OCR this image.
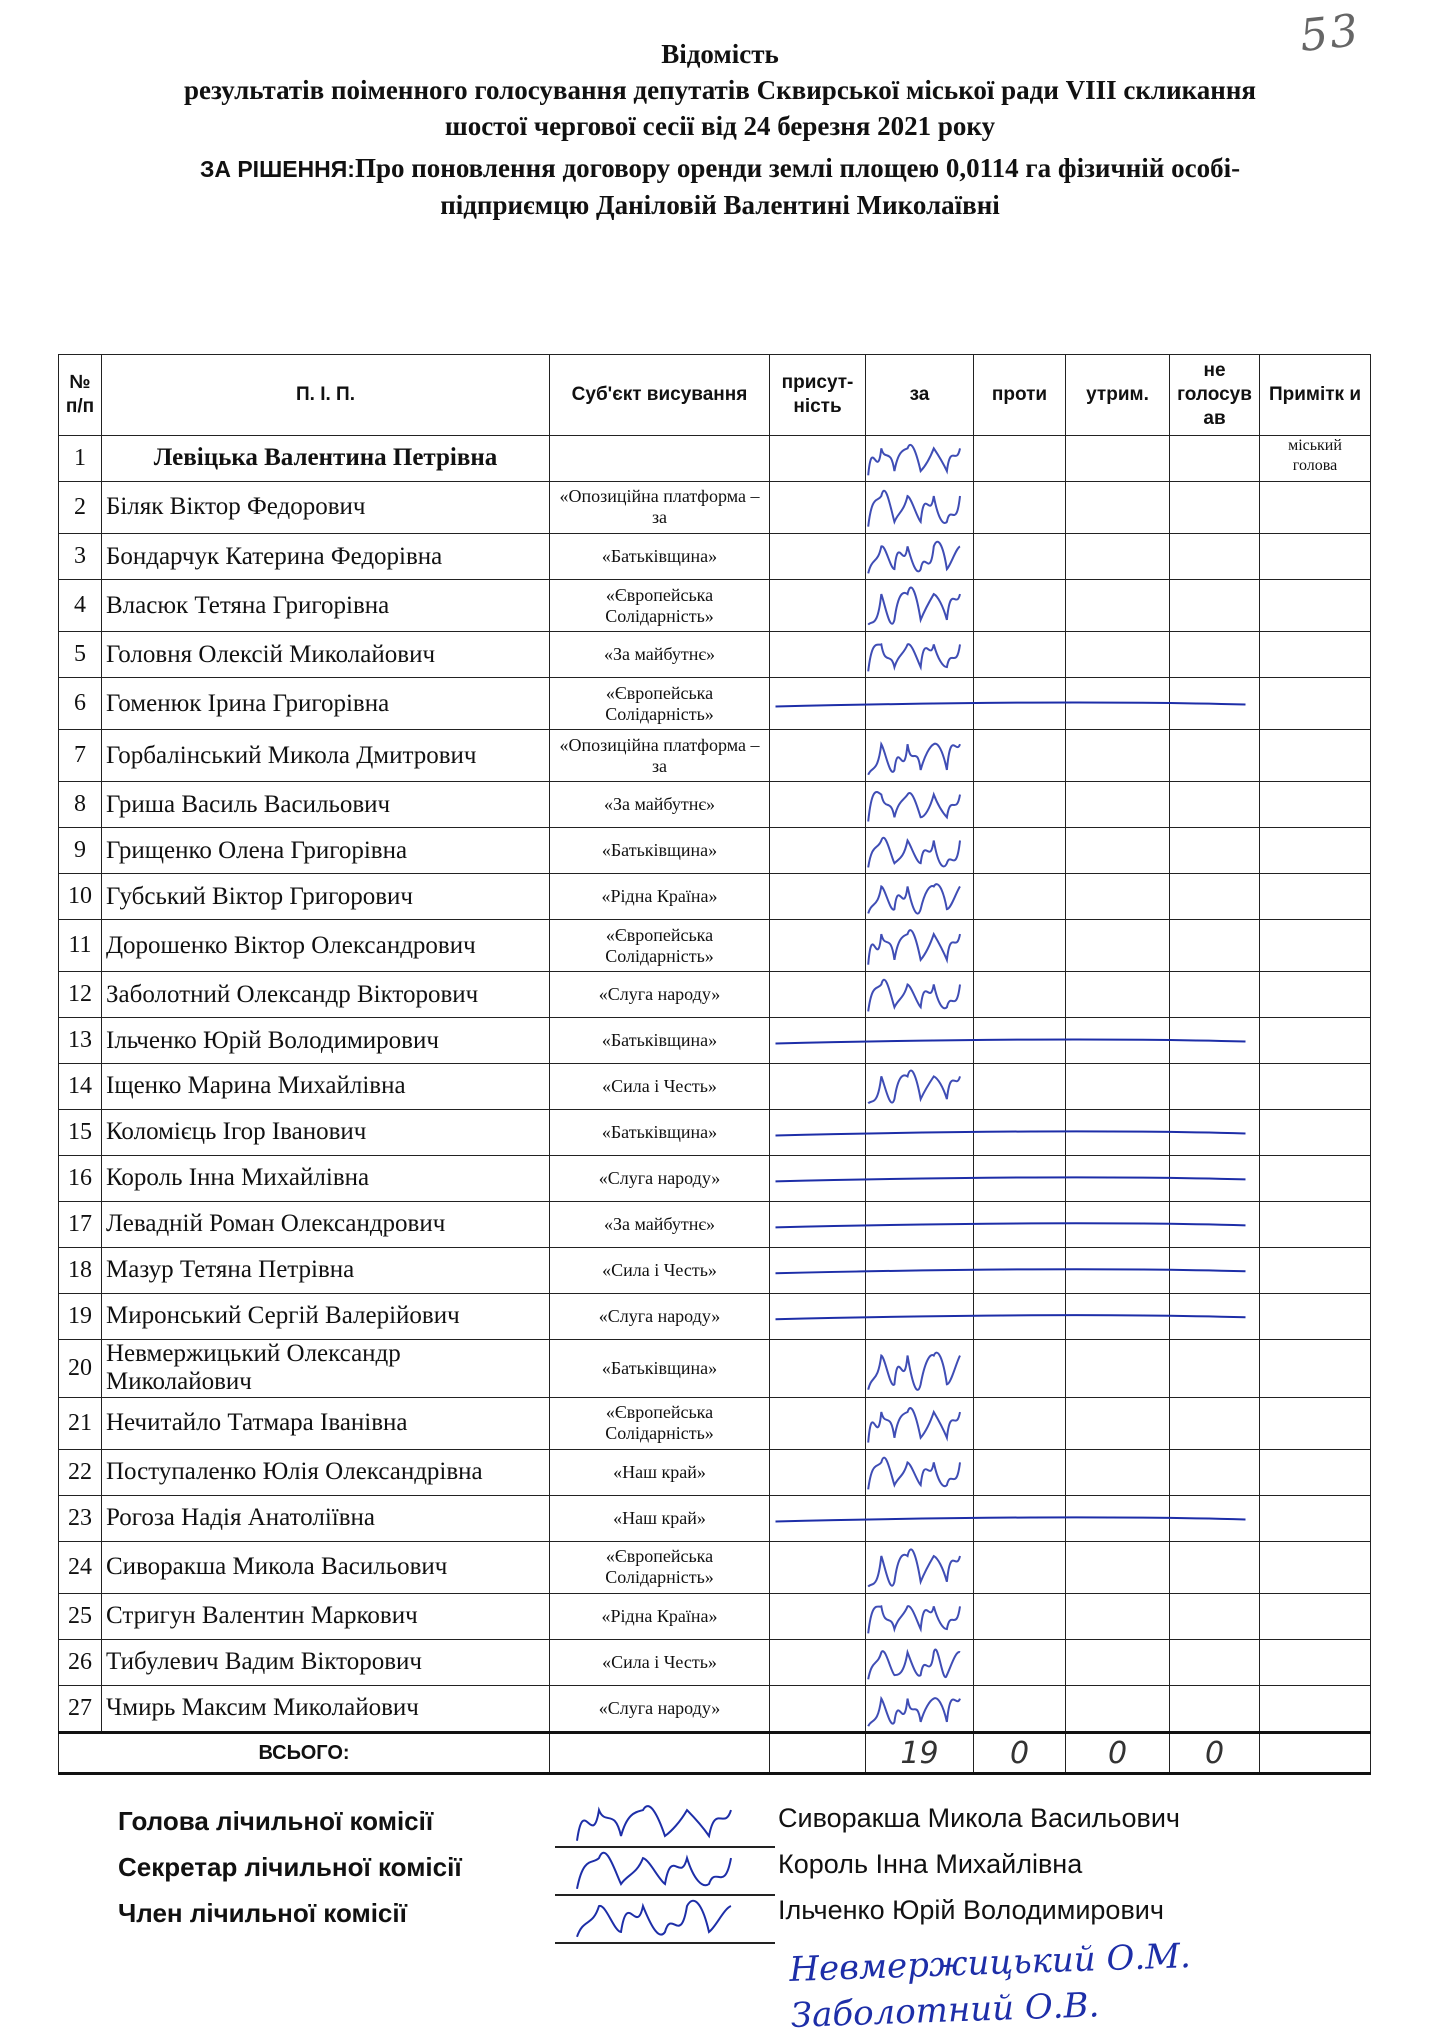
53
Відомість
результатів поіменного голосування депутатів Сквирської міської ради VIII скликання
шостої чергової сесії від 24 березня 2021 року
ЗА РІШЕННЯ:Про поновлення договору оренди землі площею 0,0114 га фізичній особі-
підприємцю Даніловій Валентині Миколаївні
№ п/п	П. І. П.	Суб'єкт висування	присут-ність	за	проти	утрим.	не голосув ав	Примітк и
1	Левіцька Валентина Петрівна							міський голова
2	Біляк Віктор Федорович	«Опозиційна платформа – за						
3	Бондарчук Катерина Федорівна	«Батьківщина»						
4	Власюк Тетяна Григорівна	«Європейська Солідарність»						
5	Головня Олексій Миколайович	«За майбутнє»						
6	Гоменюк Ірина Григорівна	«Європейська Солідарність»						
7	Горбалінський Микола Дмитрович	«Опозиційна платформа – за						
8	Гриша Василь Васильович	«За майбутнє»						
9	Грищенко Олена Григорівна	«Батьківщина»						
10	Губський Віктор Григорович	«Рідна Країна»						
11	Дорошенко Віктор Олександрович	«Європейська Солідарність»						
12	Заболотний Олександр Вікторович	«Слуга народу»						
13	Ільченко Юрій Володимирович	«Батьківщина»						
14	Іщенко Марина Михайлівна	«Сила і Честь»						
15	Коломієць Ігор Іванович	«Батьківщина»						
16	Король Інна Михайлівна	«Слуга народу»						
17	Левадній Роман Олександрович	«За майбутнє»						
18	Мазур Тетяна Петрівна	«Сила і Честь»						
19	Миронський Сергій Валерійович	«Слуга народу»						
20	Невмержицький Олександр Миколайович	«Батьківщина»						
21	Нечитайло Татмара Іванівна	«Європейська Солідарність»						
22	Поступаленко Юлія Олександрівна	«Наш край»						
23	Рогоза Надія Анатоліївна	«Наш край»						
24	Сиворакша Микола Васильович	«Європейська Солідарність»						
25	Стригун Валентин Маркович	«Рідна Країна»						
26	Тибулевич Вадим Вікторович	«Сила і Честь»						
27	Чмирь Максим Миколайович	«Слуга народу»						
ВСЬОГО:				19	0	0	0	
Голова лічильної комісії
Секретар лічильної комісії
Член лічильної комісії
Сиворакша Микола Васильович
Король Інна Михайлівна
Ільченко Юрій Володимирович
Невмержицький О.М.
Заболотний О.В.
